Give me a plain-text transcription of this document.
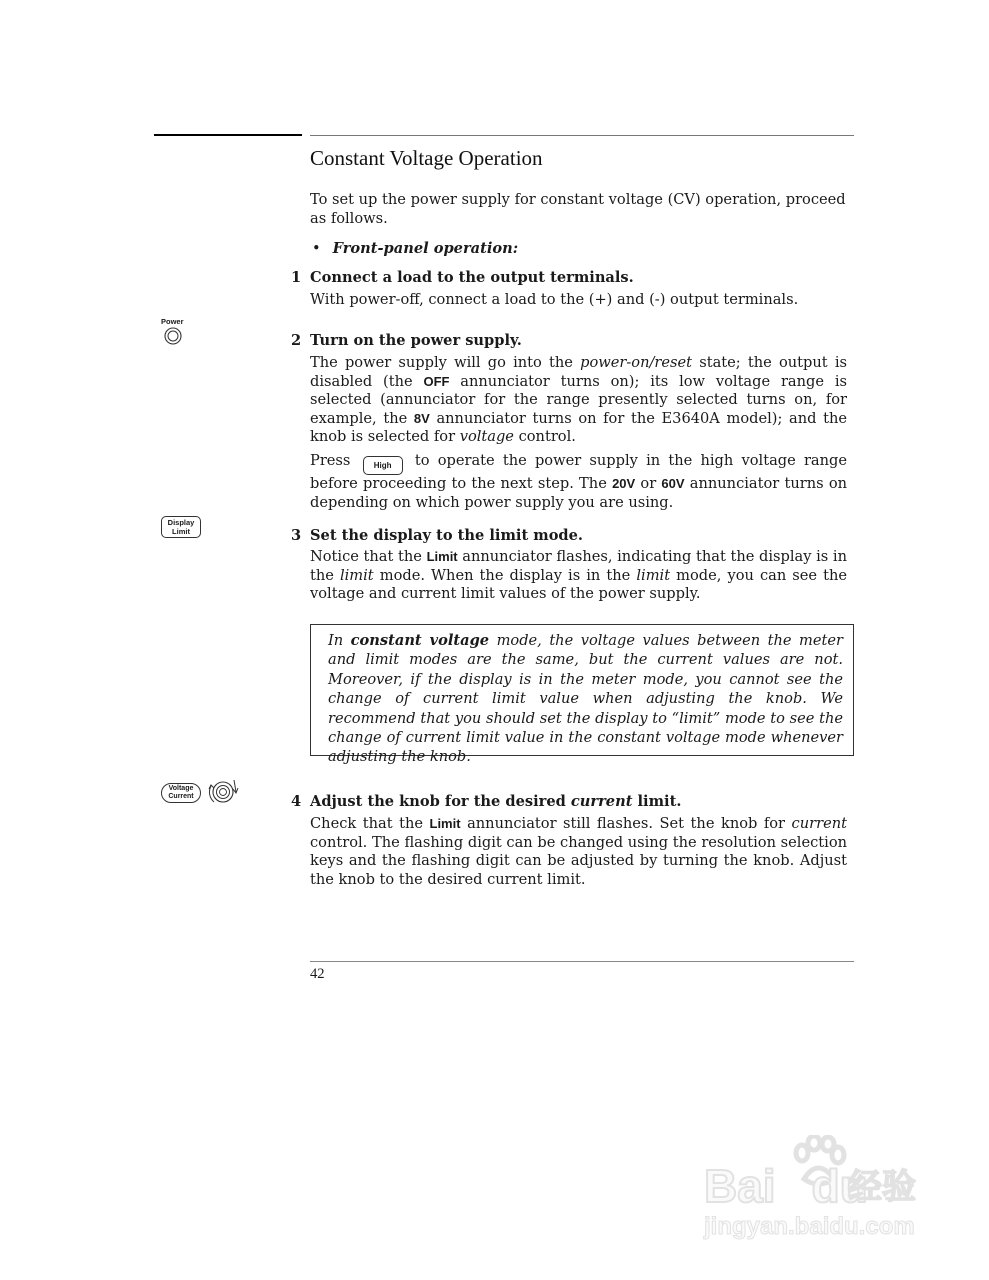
Constant Voltage Operation
To set up the power supply for constant voltage (CV) operation, proceed
as follows.
• Front-panel operation:
1 Connect a load to the output terminals.
With power-off, connect a load to the (+) and (-) output terminals.
Power
2 Turn on the power supply.
The power supply will go into the power-on/reset state; the output is disabled (the OFF annunciator turns on); its low voltage range is selected (annunciator for the range presently selected turns on, for example, the 8V annunciator turns on for the E3640A model); and the knob is selected for voltage control.
Press	High to operate the power supply in the high voltage range before proceeding to the next step. The 20V or 60V annunciator turns on depending on which power supply you are using.
Display
Limit	3 Set the display to the limit mode.
Notice that the Limit annunciator flashes, indicating that the display is in the limit mode. When the display is in the limit mode, you can see the voltage and current limit values of the power supply.
In constant voltage mode, the voltage values between the meter and limit modes are the same, but the current values are not. Moreover, if the display is in the meter mode, you cannot see the change of current limit value when adjusting the knob. We recommend that you should set the display to “limit” mode to see the change of current limit value in the constant voltage mode whenever adjusting the knob.
Voltage
Current	4 Adjust the knob for the desired current limit.
Check that the Limit annunciator still flashes. Set the knob for current control. The flashing digit can be changed using the resolution selection keys and the flashing digit can be adjusted by turning the knob. Adjust the knob to the desired current limit.
42
Bai du
经验
jingyan.baidu.com
